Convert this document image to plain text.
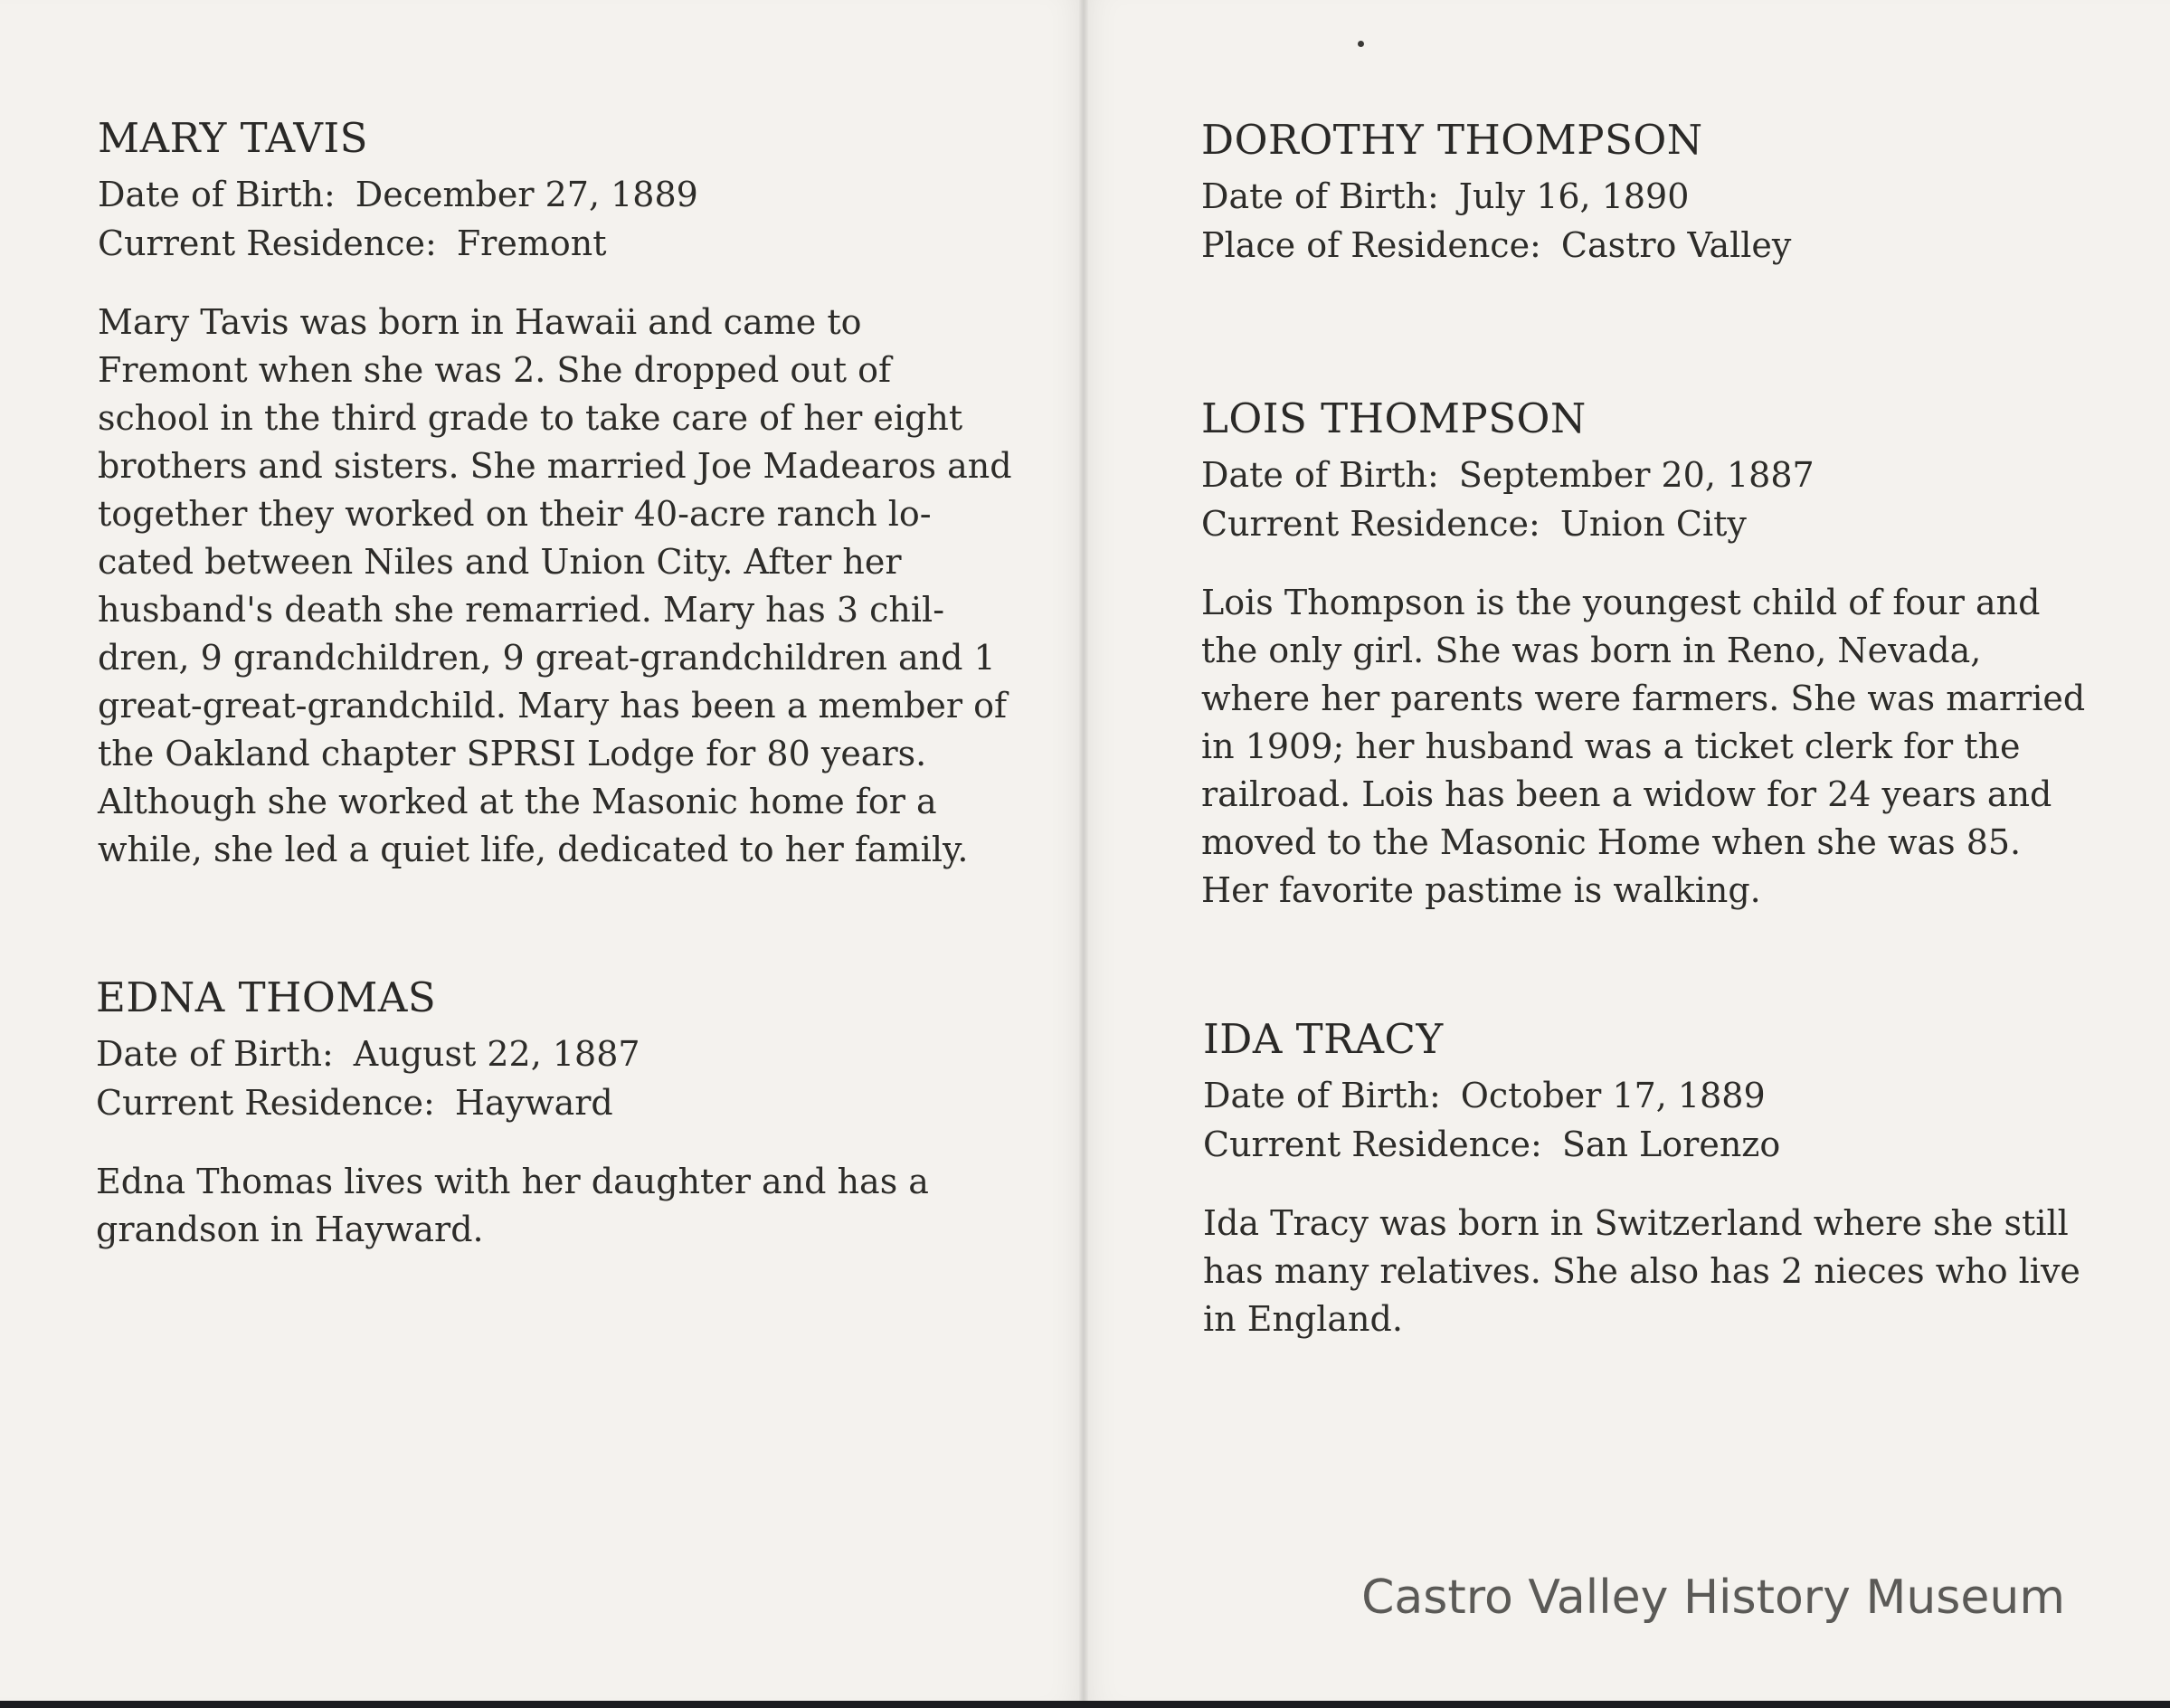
MARY TAVIS
Date of Birth: December 27, 1889
Current Residence: Fremont
Mary Tavis was born in Hawaii and came to
Fremont when she was 2. She dropped out of
school in the third grade to take care of her eight
brothers and sisters. She married Joe Madearos and
together they worked on their 40-acre ranch lo-
cated between Niles and Union City. After her
husband's death she remarried. Mary has 3 chil-
dren, 9 grandchildren, 9 great-grandchildren and 1
great-great-grandchild. Mary has been a member of
the Oakland chapter SPRSI Lodge for 80 years.
Although she worked at the Masonic home for a
while, she led a quiet life, dedicated to her family.
EDNA THOMAS
Date of Birth: August 22, 1887
Current Residence: Hayward
Edna Thomas lives with her daughter and has a
grandson in Hayward.
DOROTHY THOMPSON
Date of Birth: July 16, 1890
Place of Residence: Castro Valley
LOIS THOMPSON
Date of Birth: September 20, 1887
Current Residence: Union City
Lois Thompson is the youngest child of four and
the only girl. She was born in Reno, Nevada,
where her parents were farmers. She was married
in 1909; her husband was a ticket clerk for the
railroad. Lois has been a widow for 24 years and
moved to the Masonic Home when she was 85.
Her favorite pastime is walking.
IDA TRACY
Date of Birth: October 17, 1889
Current Residence: San Lorenzo
Ida Tracy was born in Switzerland where she still
has many relatives. She also has 2 nieces who live
in England.
Castro Valley History Museum
